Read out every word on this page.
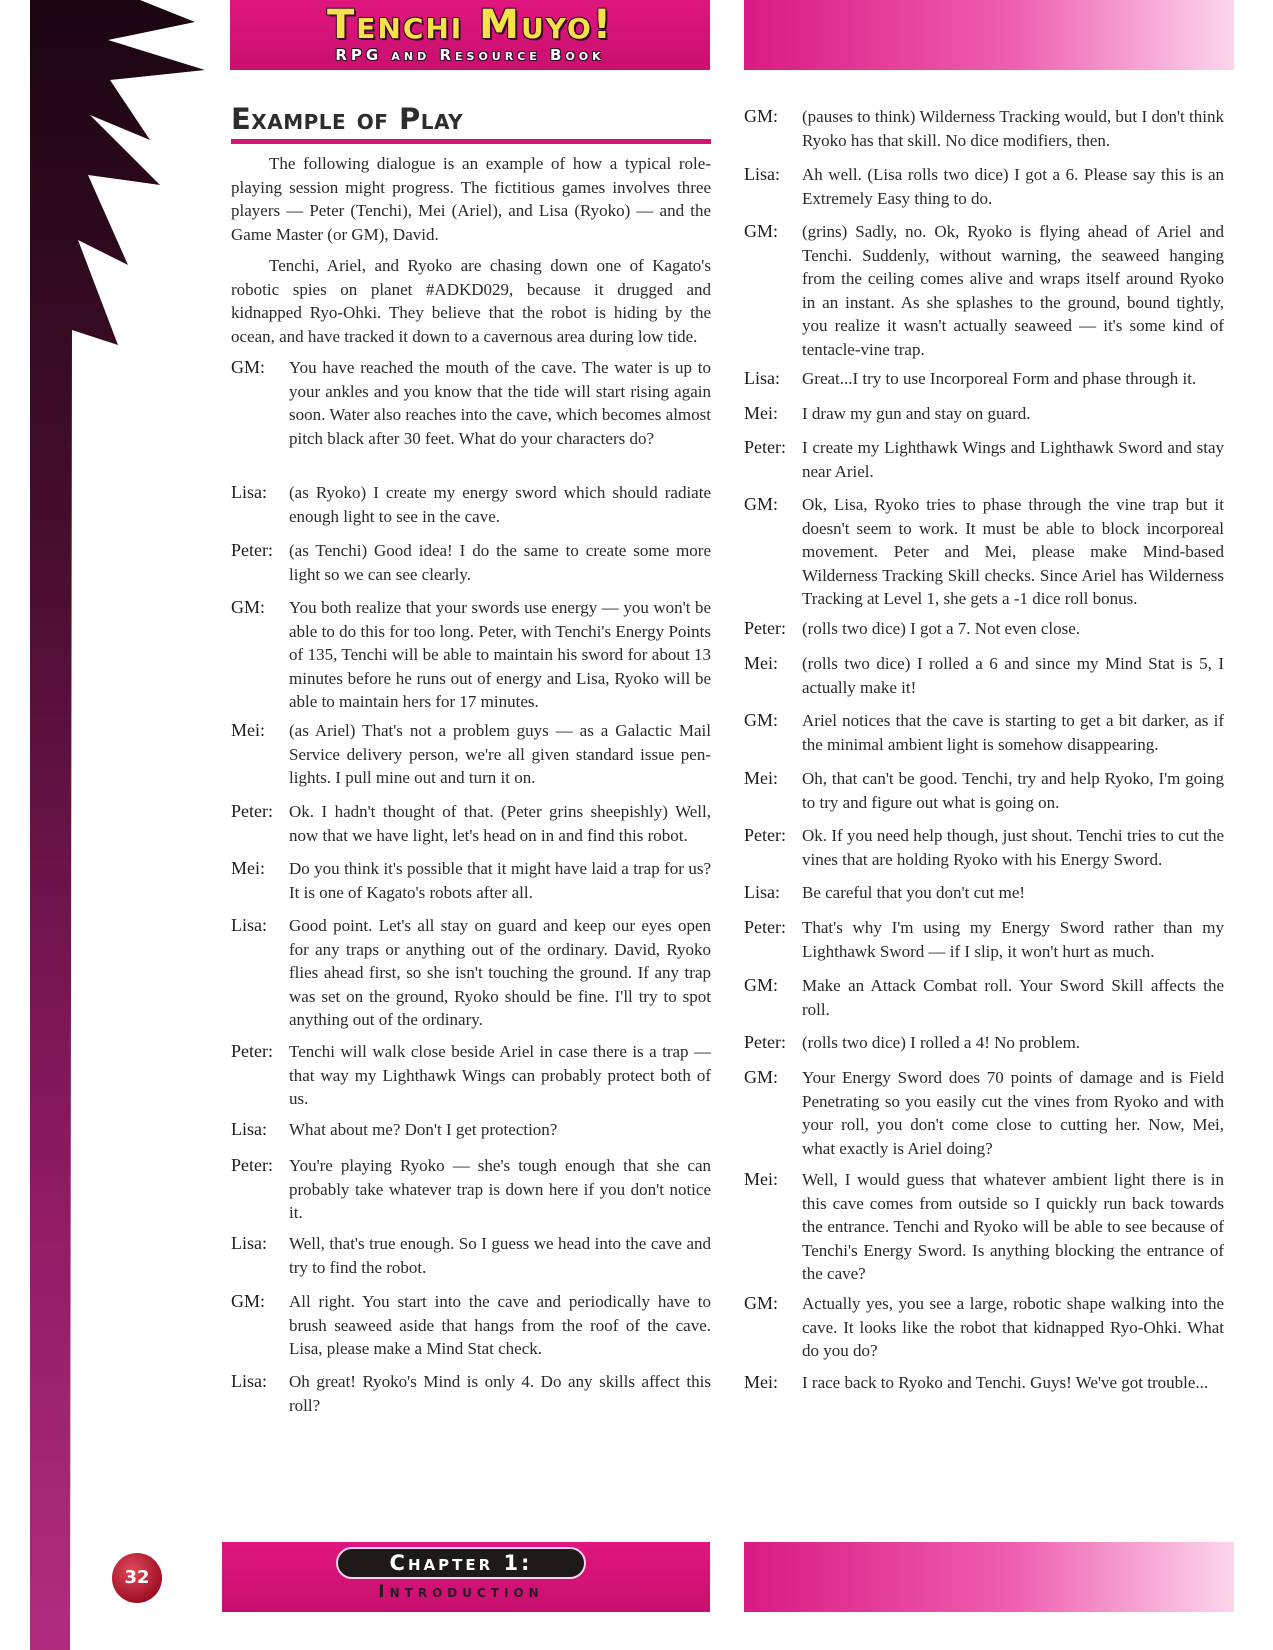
Tenchi Muyo!
RPG and Resource Book
Example of Play

The following dialogue is an example of how a typical role-playing session might progress. The fictitious games involves three players — Peter (Tenchi), Mei (Ariel), and Lisa (Ryoko) — and the Game Master (or GM), David.

Tenchi, Ariel, and Ryoko are chasing down one of Kagato's robotic spies on planet #ADKD029, because it drugged and kidnapped Ryo-Ohki. They believe that the robot is hiding by the ocean, and have tracked it down to a cavernous area during low tide.

GM:	You have reached the mouth of the cave. The water is up to your ankles and you know that the tide will start rising again soon. Water also reaches into the cave, which becomes almost pitch black after 30 feet. What do your characters do?
Lisa:	(as Ryoko) I create my energy sword which should radiate enough light to see in the cave.
Peter: (as Tenchi) Good idea! I do the same to create some more light so we can see clearly.
GM:	You both realize that your swords use energy — you won't be able to do this for too long. Peter, with Tenchi's Energy Points of 135, Tenchi will be able to maintain his sword for about 13 minutes before he runs out of energy and Lisa, Ryoko will be able to maintain hers for 17 minutes.
Mei:	(as Ariel) That's not a problem guys — as a Galactic Mail Service delivery person, we're all given standard issue pen-lights. I pull mine out and turn it on.
Peter: Ok. I hadn't thought of that. (Peter grins sheepishly) Well, now that we have light, let's head on in and find this robot.
Mei:	Do you think it's possible that it might have laid a trap for us? It is one of Kagato's robots after all.
Lisa:	Good point. Let's all stay on guard and keep our eyes open for any traps or anything out of the ordinary. David, Ryoko flies ahead first, so she isn't touching the ground. If any trap was set on the ground, Ryoko should be fine. I'll try to spot anything out of the ordinary.
Peter: Tenchi will walk close beside Ariel in case there is a trap — that way my Lighthawk Wings can probably protect both of us.
Lisa:	What about me? Don't I get protection?
Peter: You're playing Ryoko — she's tough enough that she can probably take whatever trap is down here if you don't notice it.
Lisa:	Well, that's true enough. So I guess we head into the cave and try to find the robot.
GM:	All right. You start into the cave and periodically have to brush seaweed aside that hangs from the roof of the cave. Lisa, please make a Mind Stat check.
Lisa:	Oh great! Ryoko's Mind is only 4. Do any skills affect this roll?
GM:	(pauses to think) Wilderness Tracking would, but I don't think Ryoko has that skill. No dice modifiers, then.
Lisa:	Ah well. (Lisa rolls two dice) I got a 6. Please say this is an Extremely Easy thing to do.
GM:	(grins) Sadly, no. Ok, Ryoko is flying ahead of Ariel and Tenchi. Suddenly, without warning, the seaweed hanging from the ceiling comes alive and wraps itself around Ryoko in an instant. As she splashes to the ground, bound tightly, you realize it wasn't actually seaweed — it's some kind of tentacle-vine trap.
Lisa:	Great...I try to use Incorporeal Form and phase through it.
Mei:	I draw my gun and stay on guard.
Peter: I create my Lighthawk Wings and Lighthawk Sword and stay near Ariel.
GM:	Ok, Lisa, Ryoko tries to phase through the vine trap but it doesn't seem to work. It must be able to block incorporeal movement. Peter and Mei, please make Mind-based Wilderness Tracking Skill checks. Since Ariel has Wilderness Tracking at Level 1, she gets a -1 dice roll bonus.
Peter: (rolls two dice) I got a 7. Not even close.
Mei:	(rolls two dice) I rolled a 6 and since my Mind Stat is 5, I actually make it!
GM:	Ariel notices that the cave is starting to get a bit darker, as if the minimal ambient light is somehow disappearing.
Mei:	Oh, that can't be good. Tenchi, try and help Ryoko, I'm going to try and figure out what is going on.
Peter: Ok. If you need help though, just shout. Tenchi tries to cut the vines that are holding Ryoko with his Energy Sword.
Lisa:	Be careful that you don't cut me!
Peter: That's why I'm using my Energy Sword rather than my Lighthawk Sword — if I slip, it won't hurt as much.
GM:	Make an Attack Combat roll. Your Sword Skill affects the roll.
Peter: (rolls two dice) I rolled a 4! No problem.
GM:	Your Energy Sword does 70 points of damage and is Field Penetrating so you easily cut the vines from Ryoko and with your roll, you don't come close to cutting her. Now, Mei, what exactly is Ariel doing?
Mei:	Well, I would guess that whatever ambient light there is in this cave comes from outside so I quickly run back towards the entrance. Tenchi and Ryoko will be able to see because of Tenchi's Energy Sword. Is anything blocking the entrance of the cave?
GM:	Actually yes, you see a large, robotic shape walking into the cave. It looks like the robot that kidnapped Ryo-Ohki. What do you do?
Mei:	I race back to Ryoko and Tenchi. Guys! We've got trouble...
Chapter 1:
Introduction
32
